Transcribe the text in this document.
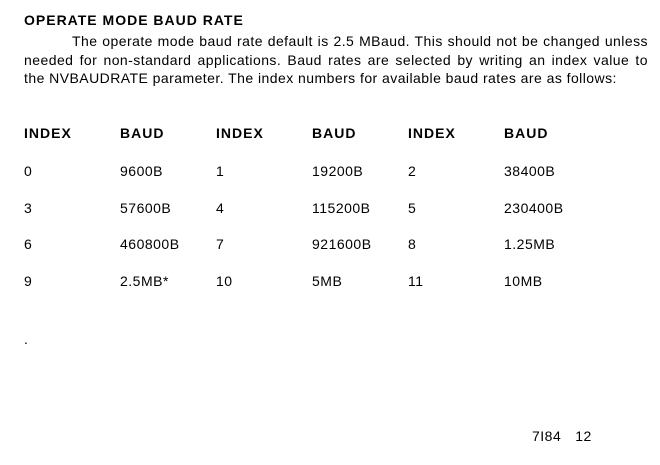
OPERATE MODE BAUD RATE

The operate mode baud rate default is 2.5 MBaud. This should not be changed unless needed for non-standard applications. Baud rates are selected by writing an index value to the NVBAUDRATE parameter. The index numbers for available baud rates are as follows:

INDEX	BAUD	INDEX	BAUD	INDEX	BAUD
0	9600B	1	19200B	2	38400B
3	57600B	4	115200B	5	230400B
6	460800B	7	921600B	8	1.25MB
9	2.5MB*	10	5MB	11	10MB
.
7I84 12
